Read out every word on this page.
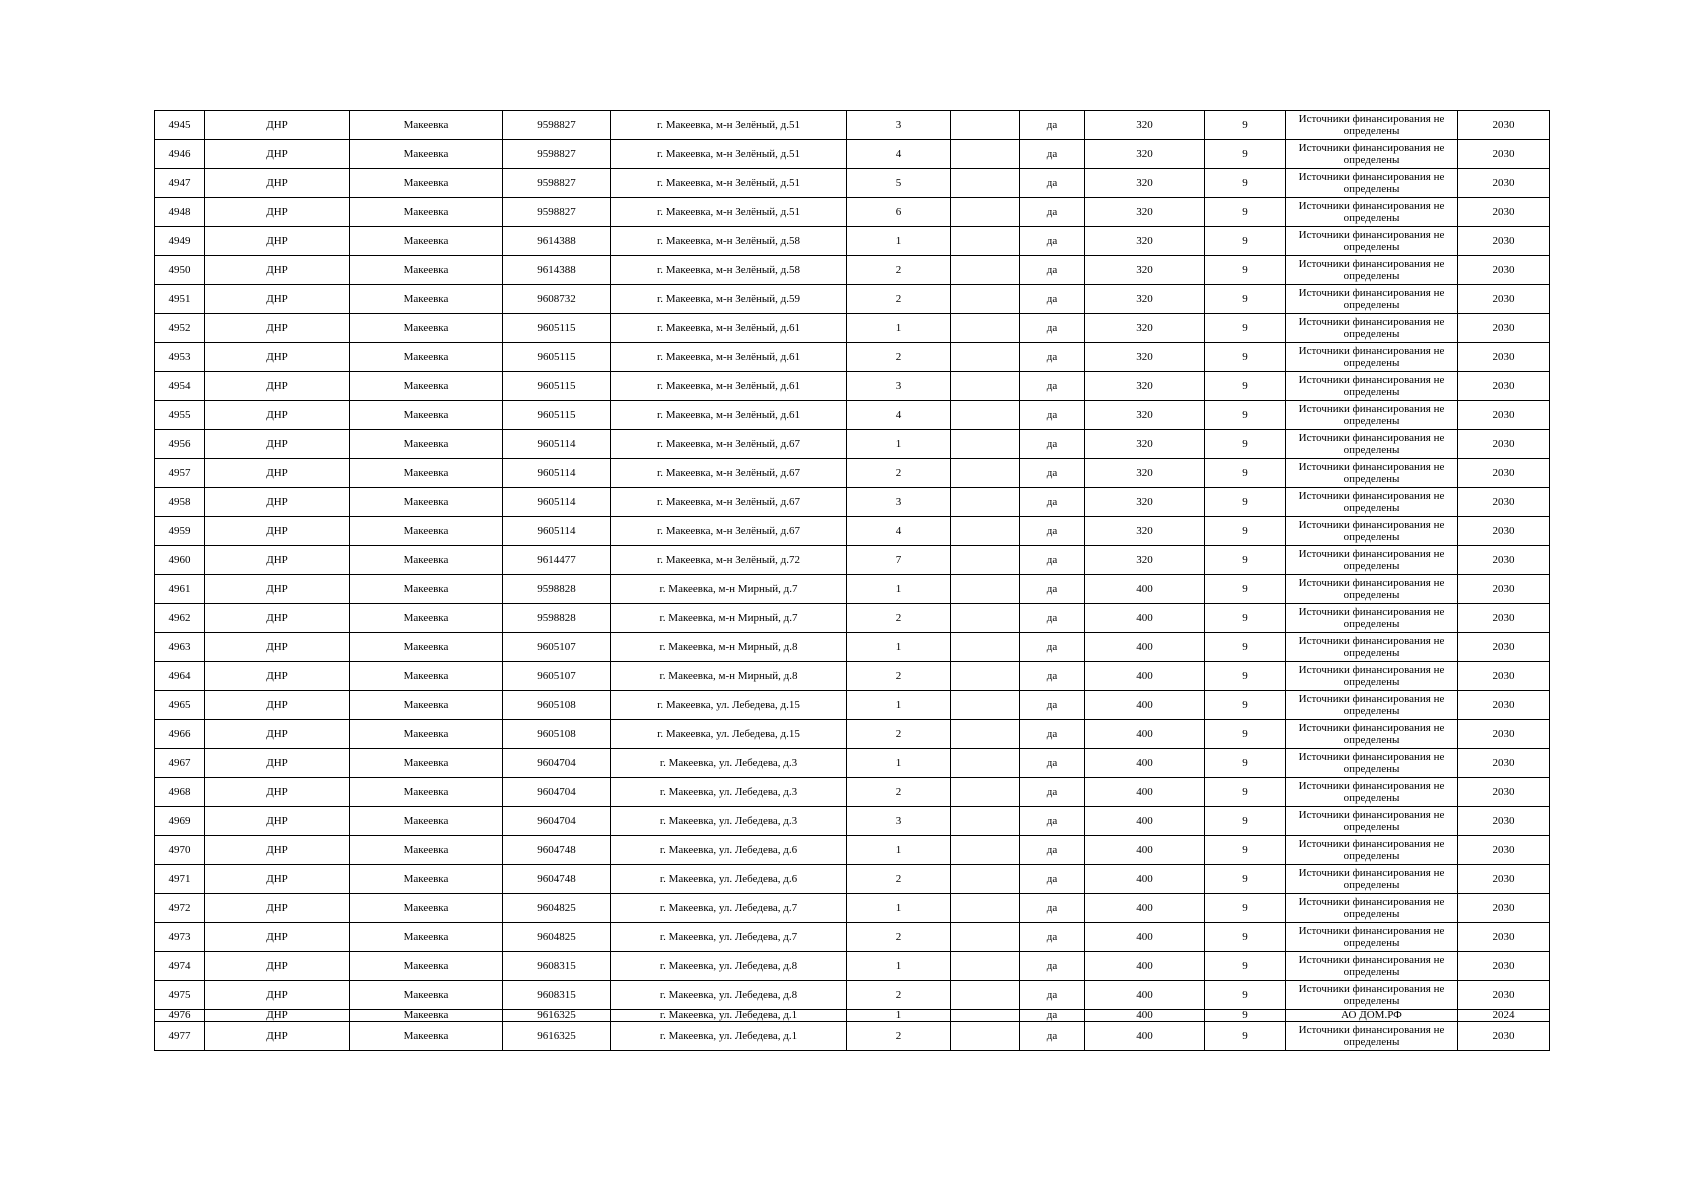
4945	ДНР	Макеевка	9598827	г. Макеевка, м-н Зелёный, д.51	3		да	320	9	Источники финансирования не определены	2030
4946	ДНР	Макеевка	9598827	г. Макеевка, м-н Зелёный, д.51	4		да	320	9	Источники финансирования не определены	2030
4947	ДНР	Макеевка	9598827	г. Макеевка, м-н Зелёный, д.51	5		да	320	9	Источники финансирования не определены	2030
4948	ДНР	Макеевка	9598827	г. Макеевка, м-н Зелёный, д.51	6		да	320	9	Источники финансирования не определены	2030
4949	ДНР	Макеевка	9614388	г. Макеевка, м-н Зелёный, д.58	1		да	320	9	Источники финансирования не определены	2030
4950	ДНР	Макеевка	9614388	г. Макеевка, м-н Зелёный, д.58	2		да	320	9	Источники финансирования не определены	2030
4951	ДНР	Макеевка	9608732	г. Макеевка, м-н Зелёный, д.59	2		да	320	9	Источники финансирования не определены	2030
4952	ДНР	Макеевка	9605115	г. Макеевка, м-н Зелёный, д.61	1		да	320	9	Источники финансирования не определены	2030
4953	ДНР	Макеевка	9605115	г. Макеевка, м-н Зелёный, д.61	2		да	320	9	Источники финансирования не определены	2030
4954	ДНР	Макеевка	9605115	г. Макеевка, м-н Зелёный, д.61	3		да	320	9	Источники финансирования не определены	2030
4955	ДНР	Макеевка	9605115	г. Макеевка, м-н Зелёный, д.61	4		да	320	9	Источники финансирования не определены	2030
4956	ДНР	Макеевка	9605114	г. Макеевка, м-н Зелёный, д.67	1		да	320	9	Источники финансирования не определены	2030
4957	ДНР	Макеевка	9605114	г. Макеевка, м-н Зелёный, д.67	2		да	320	9	Источники финансирования не определены	2030
4958	ДНР	Макеевка	9605114	г. Макеевка, м-н Зелёный, д.67	3		да	320	9	Источники финансирования не определены	2030
4959	ДНР	Макеевка	9605114	г. Макеевка, м-н Зелёный, д.67	4		да	320	9	Источники финансирования не определены	2030
4960	ДНР	Макеевка	9614477	г. Макеевка, м-н Зелёный, д.72	7		да	320	9	Источники финансирования не определены	2030
4961	ДНР	Макеевка	9598828	г. Макеевка, м-н Мирный, д.7	1		да	400	9	Источники финансирования не определены	2030
4962	ДНР	Макеевка	9598828	г. Макеевка, м-н Мирный, д.7	2		да	400	9	Источники финансирования не определены	2030
4963	ДНР	Макеевка	9605107	г. Макеевка, м-н Мирный, д.8	1		да	400	9	Источники финансирования не определены	2030
4964	ДНР	Макеевка	9605107	г. Макеевка, м-н Мирный, д.8	2		да	400	9	Источники финансирования не определены	2030
4965	ДНР	Макеевка	9605108	г. Макеевка, ул. Лебедева, д.15	1		да	400	9	Источники финансирования не определены	2030
4966	ДНР	Макеевка	9605108	г. Макеевка, ул. Лебедева, д.15	2		да	400	9	Источники финансирования не определены	2030
4967	ДНР	Макеевка	9604704	г. Макеевка, ул. Лебедева, д.3	1		да	400	9	Источники финансирования не определены	2030
4968	ДНР	Макеевка	9604704	г. Макеевка, ул. Лебедева, д.3	2		да	400	9	Источники финансирования не определены	2030
4969	ДНР	Макеевка	9604704	г. Макеевка, ул. Лебедева, д.3	3		да	400	9	Источники финансирования не определены	2030
4970	ДНР	Макеевка	9604748	г. Макеевка, ул. Лебедева, д.6	1		да	400	9	Источники финансирования не определены	2030
4971	ДНР	Макеевка	9604748	г. Макеевка, ул. Лебедева, д.6	2		да	400	9	Источники финансирования не определены	2030
4972	ДНР	Макеевка	9604825	г. Макеевка, ул. Лебедева, д.7	1		да	400	9	Источники финансирования не определены	2030
4973	ДНР	Макеевка	9604825	г. Макеевка, ул. Лебедева, д.7	2		да	400	9	Источники финансирования не определены	2030
4974	ДНР	Макеевка	9608315	г. Макеевка, ул. Лебедева, д.8	1		да	400	9	Источники финансирования не определены	2030
4975	ДНР	Макеевка	9608315	г. Макеевка, ул. Лебедева, д.8	2		да	400	9	Источники финансирования не определены	2030
4976	ДНР	Макеевка	9616325	г. Макеевка, ул. Лебедева, д.1	1		да	400	9	АО ДОМ.РФ	2024
4977	ДНР	Макеевка	9616325	г. Макеевка, ул. Лебедева, д.1	2		да	400	9	Источники финансирования не определены	2030
